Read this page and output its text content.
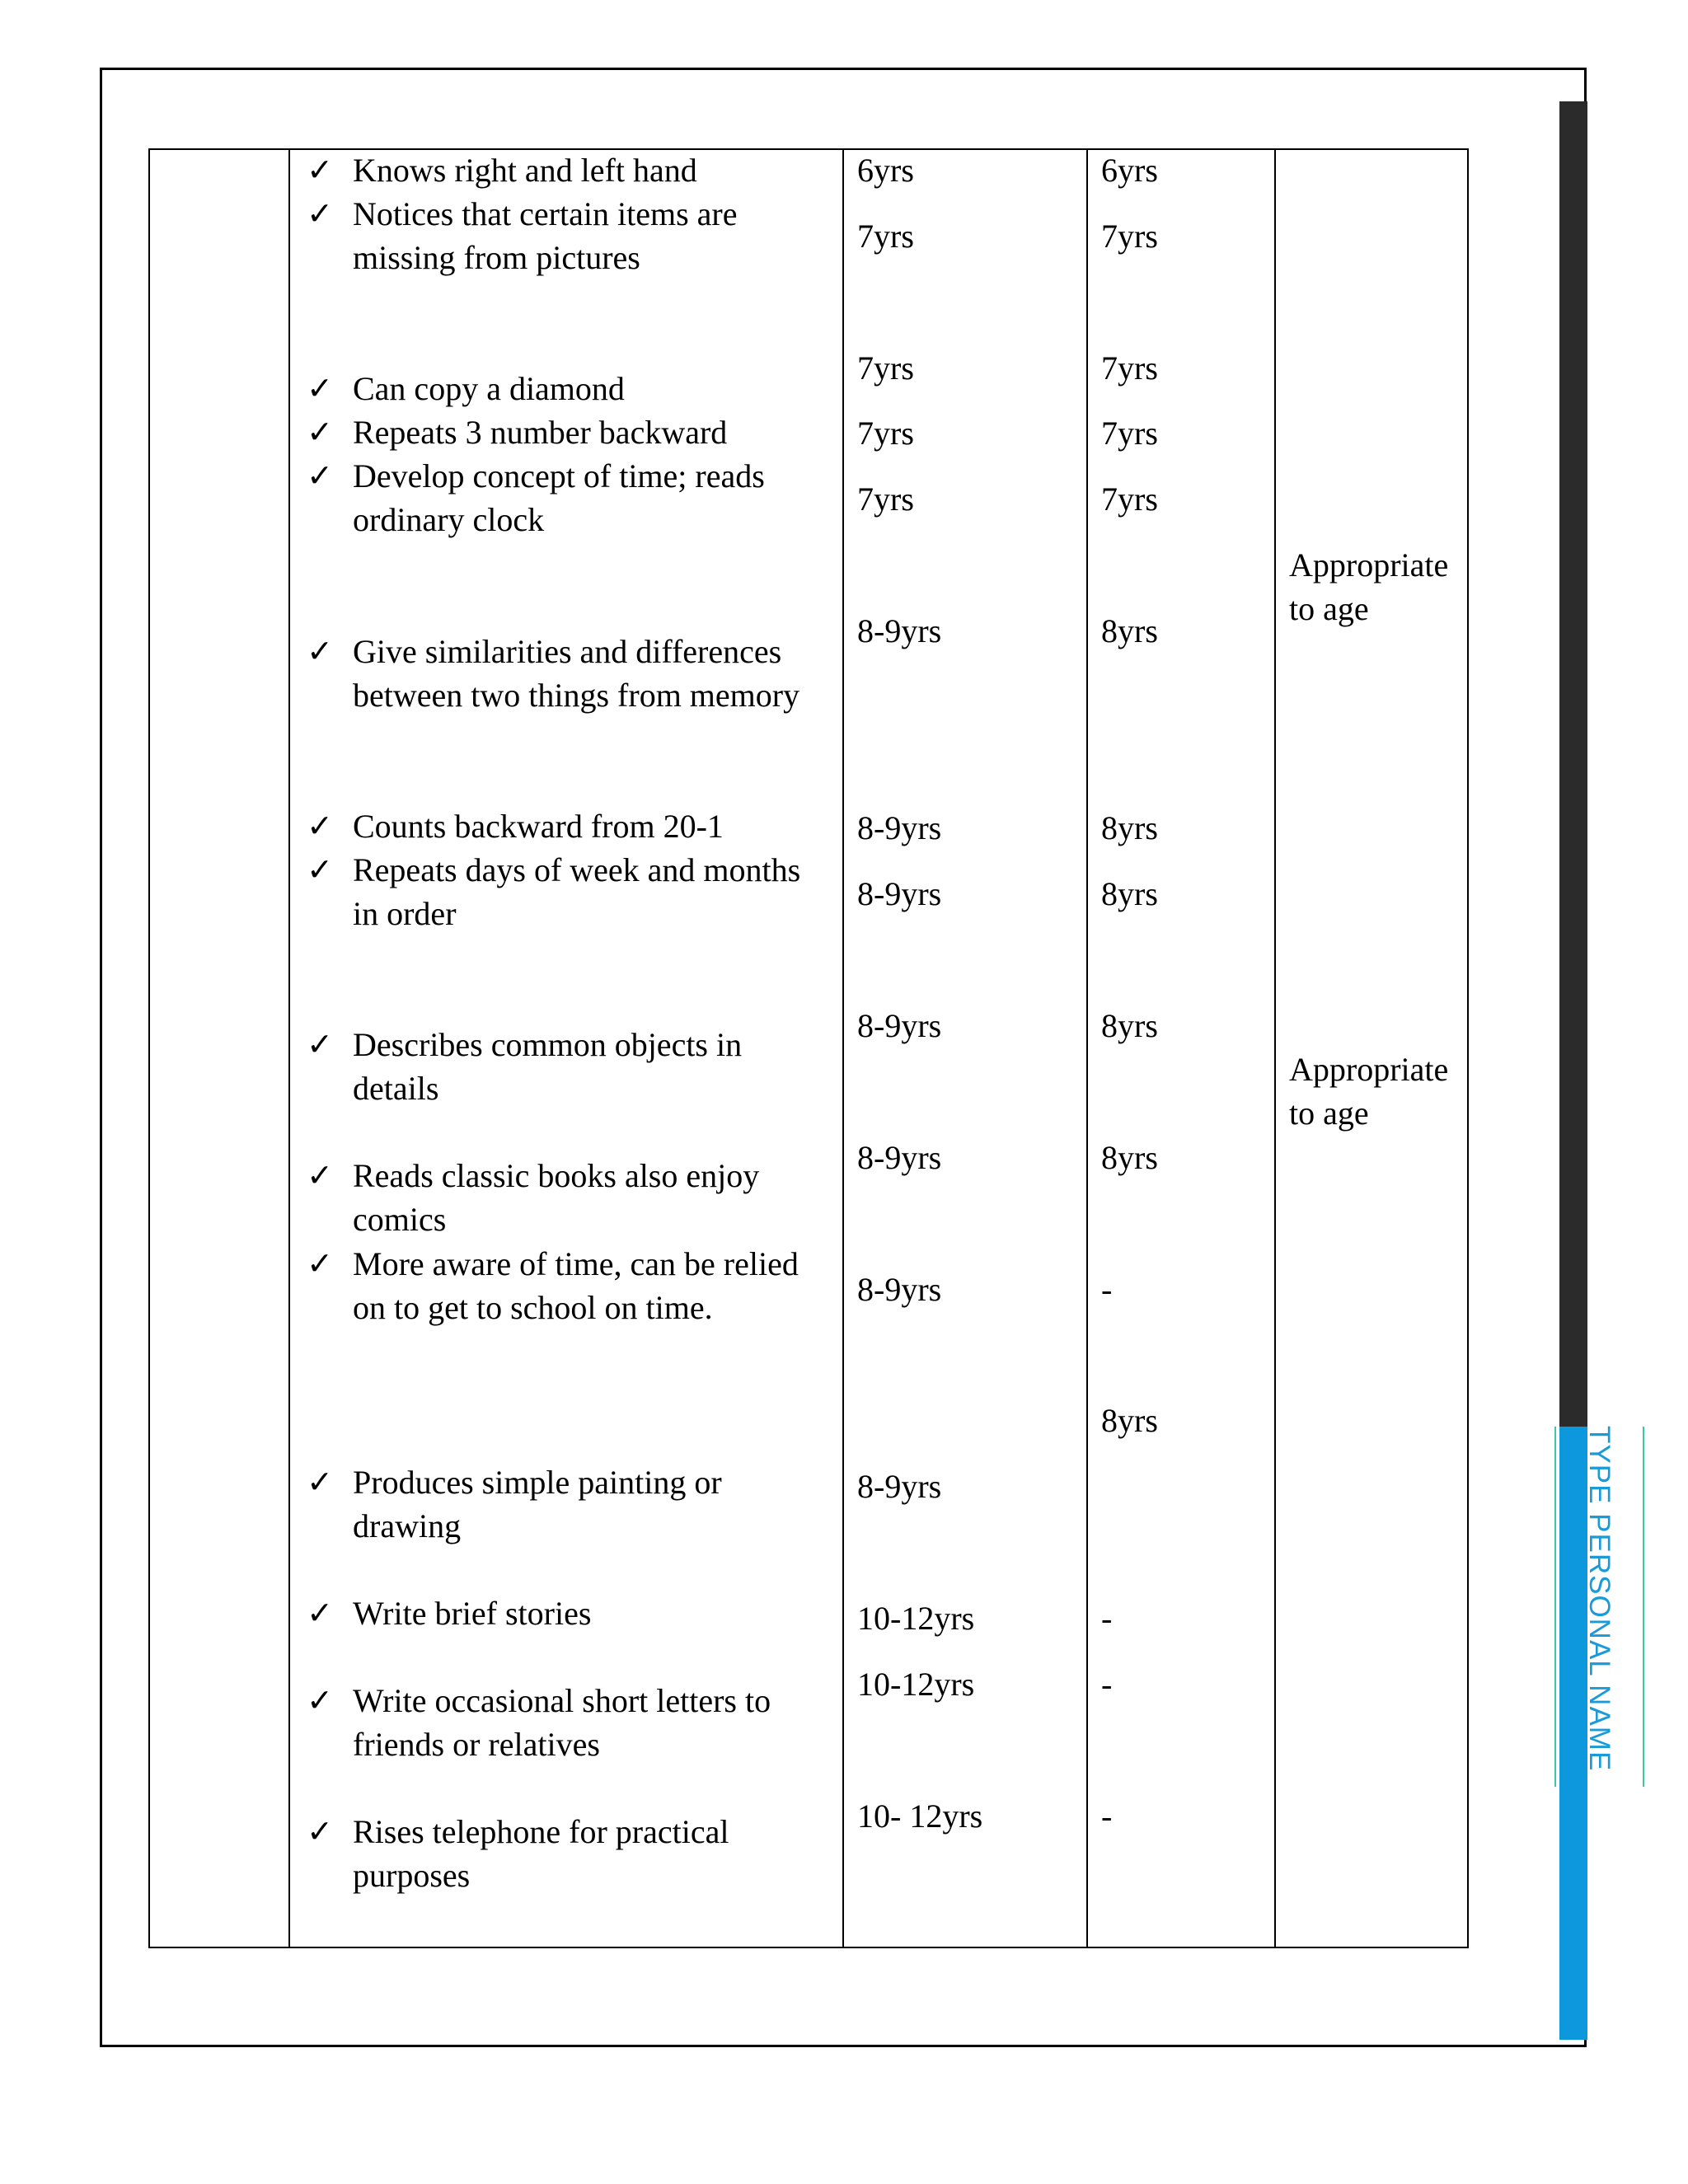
✓ Knows right and left hand
✓ Notices that certain items are missing from pictures
✓ Can copy a diamond
✓ Repeats 3 number backward
✓ Develop concept of time; reads ordinary clock
✓ Give similarities and differences between two things from memory
✓ Counts backward from 20-1
✓ Repeats days of week and months in order
✓ Describes common objects in details
✓ Reads classic books also enjoy comics
✓ More aware of time, can be relied on to get to school on time.
✓ Produces simple painting or drawing
✓ Write brief stories
✓ Write occasional short letters to friends or relatives
✓ Rises telephone for practical purposes
6yrs
7yrs
7yrs
7yrs
7yrs
8-9yrs
8-9yrs
8-9yrs
8-9yrs
8-9yrs
8-9yrs
8-9yrs
10-12yrs
10-12yrs
10- 12yrs
6yrs
7yrs
7yrs
7yrs
7yrs
8yrs
8yrs
8yrs
8yrs
8yrs
-
8yrs
-
-
-
Appropriate to age
Appropriate to age
TYPE PERSONAL NAME
